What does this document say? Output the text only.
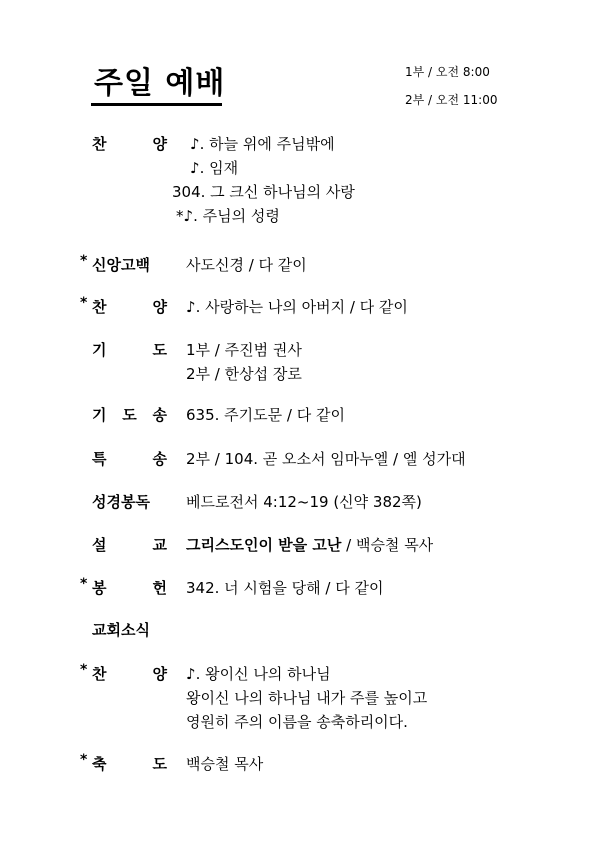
주일 예배	1부 / 오전 8:00
2부 / 오전 11:00
찬	양 ♪. 하늘 위에 주님밖에
♪. 임재
304. 그 크신 하나님의 사랑
*♪. 주님의 성령
* 신앙고백 사도신경 / 다 같이
* 찬	양 ♪. 사랑하는 나의 아버지 / 다 같이
기	도 1부 / 주진범 권사
2부 / 한상섭 장로
기 도 송 635. 주기도문 / 다 같이
특	송 2부 / 104. 곧 오소서 임마누엘 / 엘 성가대
성경봉독 베드로전서 4:12~19 (신약 382쪽)
설	교 그리스도인이 받을 고난 / 백승철 목사
* 봉	헌 342. 너 시험을 당해 / 다 같이
교회소식
* 찬	양 ♪. 왕이신 나의 하나님
왕이신 나의 하나님 내가 주를 높이고
영원히 주의 이름을 송축하리이다.
* 축	도 백승철 목사
